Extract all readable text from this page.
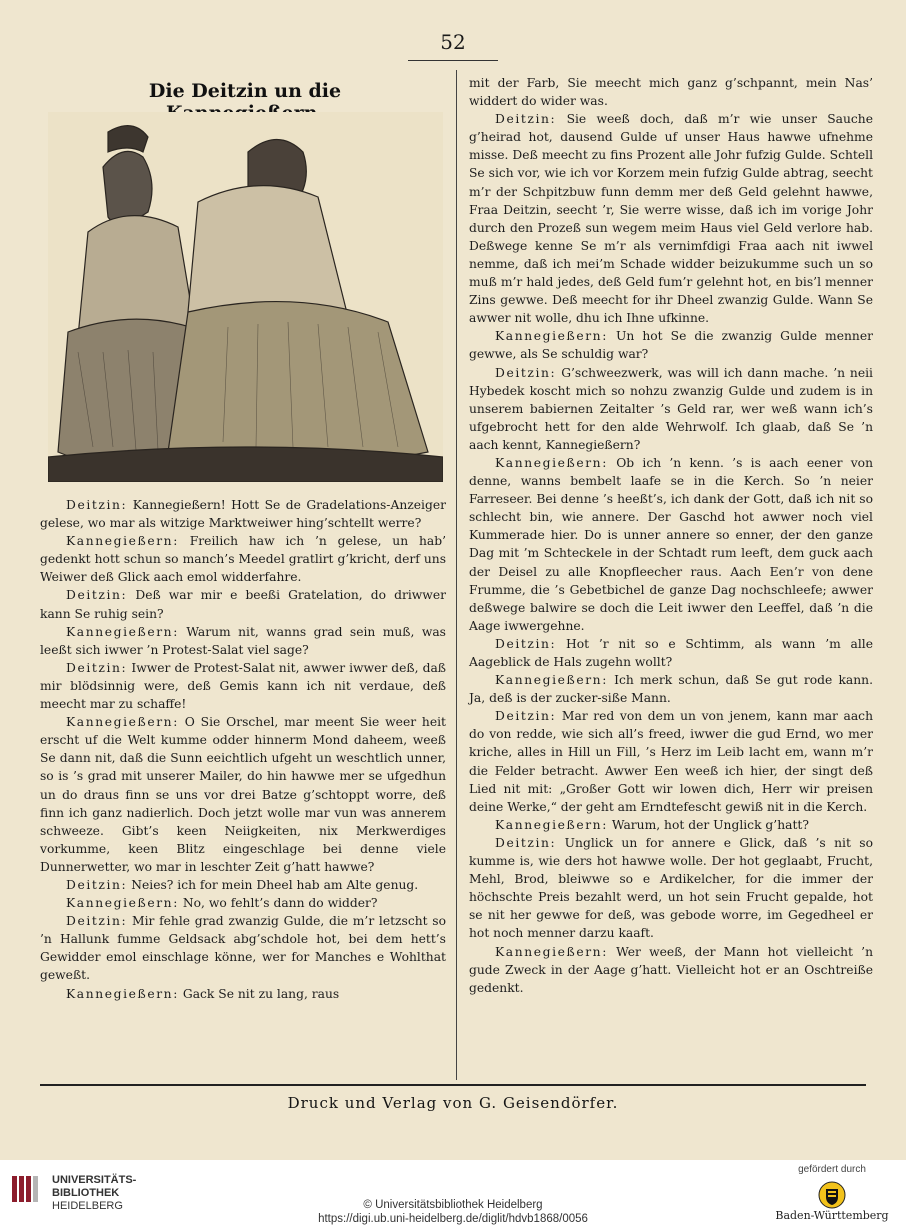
52
Die Deitzin un die Kannegießern.

Deitzin: Kannegießern! Hott Se de Gradelations-Anzeiger gelese, wo mar als witzige Marktweiwer hing’schtellt werre?

Kannegießern: Freilich haw ich ’n gelese, un hab’ gedenkt hott schun so manch’s Meedel gratlirt g’kricht, derf uns Weiwer deß Glick aach emol widderfahre.

Deitzin: Deß war mir e beeßi Gratelation, do driwwer kann Se ruhig sein?

Kannegießern: Warum nit, wanns grad sein muß, was leeßt sich iwwer ’n Protest-Salat viel sage?

Deitzin: Iwwer de Protest-Salat nit, awwer iwwer deß, daß mir blödsinnig were, deß Gemis kann ich nit verdaue, deß meecht mar zu schaffe!

Kannegießern: O Sie Orschel, mar meent Sie weer heit erscht uf die Welt kumme odder hinnerm Mond daheem, weeß Se dann nit, daß die Sunn eeichtlich ufgeht un weschtlich unner, so is ’s grad mit unserer Mailer, do hin hawwe mer se ufgedhun un do draus finn se uns vor drei Batze g’schtoppt worre, deß finn ich ganz nadierlich. Doch jetzt wolle mar vun was annerem schweeze. Gibt’s keen Neiigkeiten, nix Merkwerdiges vorkumme, keen Blitz eingeschlage bei denne viele Dunnerwetter, wo mar in leschter Zeit g’hatt hawwe?

Deitzin: Neies? ich for mein Dheel hab am Alte genug.

Kannegießern: No, wo fehlt’s dann do widder?

Deitzin: Mir fehle grad zwanzig Gulde, die m’r letzscht so ’n Hallunk fumme Geldsack abg’schdole hot, bei dem hett’s Gewidder emol einschlage könne, wer for Manches e Wohlthat geweßt.

Kannegießern: Gack Se nit zu lang, raus

mit der Farb, Sie meecht mich ganz g’schpannt, mein Nas’ widdert do wider was.

Deitzin: Sie weeß doch, daß m’r wie unser Sauche g’heirad hot, dausend Gulde uf unser Haus hawwe ufnehme misse. Deß meecht zu fins Prozent alle Johr fufzig Gulde. Schtell Se sich vor, wie ich vor Korzem mein fufzig Gulde abtrag, seecht m’r der Schpitzbuw funn demm mer deß Geld gelehnt hawwe, Fraa Deitzin, seecht ’r, Sie werre wisse, daß ich im vorige Johr durch den Prozeß sun wegem meim Haus viel Geld verlore hab. Deßwege kenne Se m’r als vernimfdigi Fraa aach nit iwwel nemme, daß ich mei’m Schade widder beizukumme such un so muß m’r hald jedes, deß Geld fum’r gelehnt hot, en bis’l menner Zins gewwe. Deß meecht for ihr Dheel zwanzig Gulde. Wann Se awwer nit wolle, dhu ich Ihne ufkinne.

Kannegießern: Un hot Se die zwanzig Gulde menner gewwe, als Se schuldig war?

Deitzin: G’schweezwerk, was will ich dann mache. ’n neii Hybedek koscht mich so nohzu zwanzig Gulde und zudem is in unserem babiernen Zeitalter ’s Geld rar, wer weß wann ich’s ufgebrocht hett for den alde Wehrwolf. Ich glaab, daß Se ’n aach kennt, Kannegießern?

Kannegießern: Ob ich ’n kenn. ’s is aach eener von denne, wanns bembelt laafe se in die Kerch. So ’n neier Farreseer. Bei denne ’s heeßt’s, ich dank der Gott, daß ich nit so schlecht bin, wie annere. Der Gaschd hot awwer noch viel Kummerade hier. Do is unner annere so enner, der den ganze Dag mit ’m Schteckele in der Schtadt rum leeft, dem guck aach der Deisel zu alle Knopfleecher raus. Aach Een’r von dene Frumme, die ’s Gebetbichel de ganze Dag nochschleefe; awwer deßwege balwire se doch die Leit iwwer den Leeffel, daß ’n die Aage iwwergehne.

Deitzin: Hot ’r nit so e Schtimm, als wann ’m alle Aageblick de Hals zugehn wollt?

Kannegießern: Ich merk schun, daß Se gut rode kann. Ja, deß is der zucker-siße Mann.

Deitzin: Mar red von dem un von jenem, kann mar aach do von redde, wie sich all’s freed, iwwer die gud Ernd, wo mer kriche, alles in Hill un Fill, ’s Herz im Leib lacht em, wann m’r die Felder betracht. Awwer Een weeß ich hier, der singt deß Lied nit mit: „Großer Gott wir lowen dich, Herr wir preisen deine Werke,“ der geht am Erndtefescht gewiß nit in die Kerch.

Kannegießern: Warum, hot der Unglick g’hatt?

Deitzin: Unglick un for annere e Glick, daß ’s nit so kumme is, wie ders hot hawwe wolle. Der hot geglaabt, Frucht, Mehl, Brod, bleiwwe so e Ardikelcher, for die immer der höchschte Preis bezahlt werd, un hot sein Frucht gepalde, hot se nit her gewwe for deß, was gebode worre, im Gegedheel er hot noch menner darzu kaaft.

Kannegießern: Wer weeß, der Mann hot vielleicht ’n gude Zweck in der Aage g’hatt. Vielleicht hot er an Oschtreiße gedenkt.

Druck und Verlag von G. Geisendörfer.
UNIVERSITÄTS-
BIBLIOTHEK
HEIDELBERG	© Universitätsbibliothek Heidelberg
https://digi.ub.uni-heidelberg.de/diglit/hdvb1868/0056
gefördert durch
Baden-Württemberg
